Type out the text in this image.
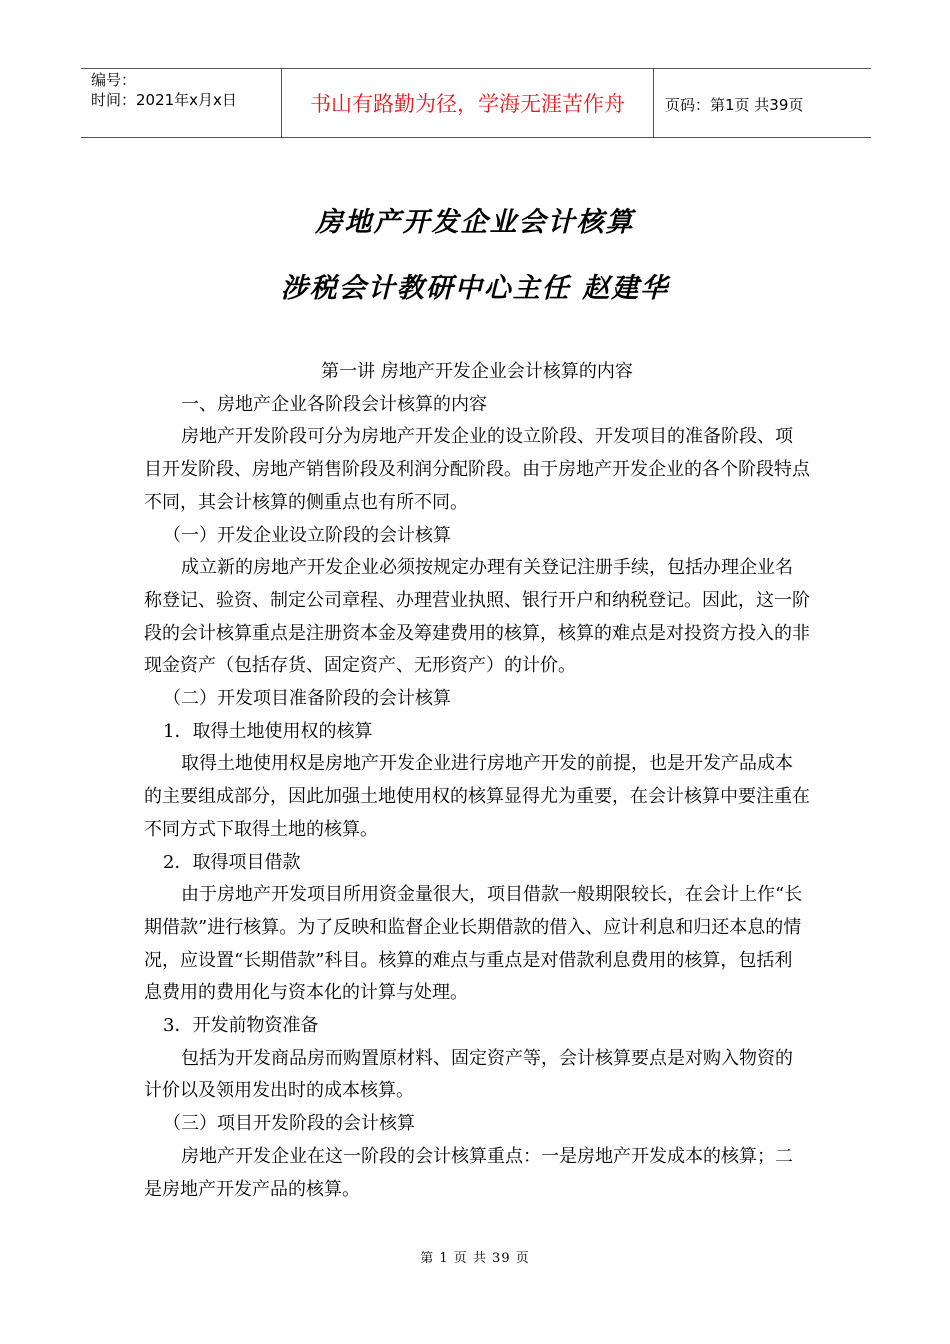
编号：
时间：2021年x月x日	书山有路勤为径，学海无涯苦作舟	页码：第1页 共39页
房地产开发企业会计核算
涉税会计教研中心主任 赵建华

第一讲 房地产开发企业会计核算的内容

一、房地产企业各阶段会计核算的内容

房地产开发阶段可分为房地产开发企业的设立阶段、开发项目的准备阶段、项目开发阶段、房地产销售阶段及利润分配阶段。由于房地产开发企业的各个阶段特点不同，其会计核算的侧重点也有所不同。

（一）开发企业设立阶段的会计核算

成立新的房地产开发企业必须按规定办理有关登记注册手续，包括办理企业名称登记、验资、制定公司章程、办理营业执照、银行开户和纳税登记。因此，这一阶段的会计核算重点是注册资本金及筹建费用的核算，核算的难点是对投资方投入的非现金资产（包括存货、固定资产、无形资产）的计价。

（二）开发项目准备阶段的会计核算

1．取得土地使用权的核算

取得土地使用权是房地产开发企业进行房地产开发的前提，也是开发产品成本的主要组成部分，因此加强土地使用权的核算显得尤为重要，在会计核算中要注重在不同方式下取得土地的核算。

2．取得项目借款

由于房地产开发项目所用资金量很大，项目借款一般期限较长，在会计上作“长期借款”进行核算。为了反映和监督企业长期借款的借入、应计利息和归还本息的情况，应设置“长期借款”科目。核算的难点与重点是对借款利息费用的核算，包括利息费用的费用化与资本化的计算与处理。

3．开发前物资准备

包括为开发商品房而购置原材料、固定资产等，会计核算要点是对购入物资的计价以及领用发出时的成本核算。

（三）项目开发阶段的会计核算

房地产开发企业在这一阶段的会计核算重点：一是房地产开发成本的核算；二是房地产开发产品的核算。

第 1 页 共 39 页
